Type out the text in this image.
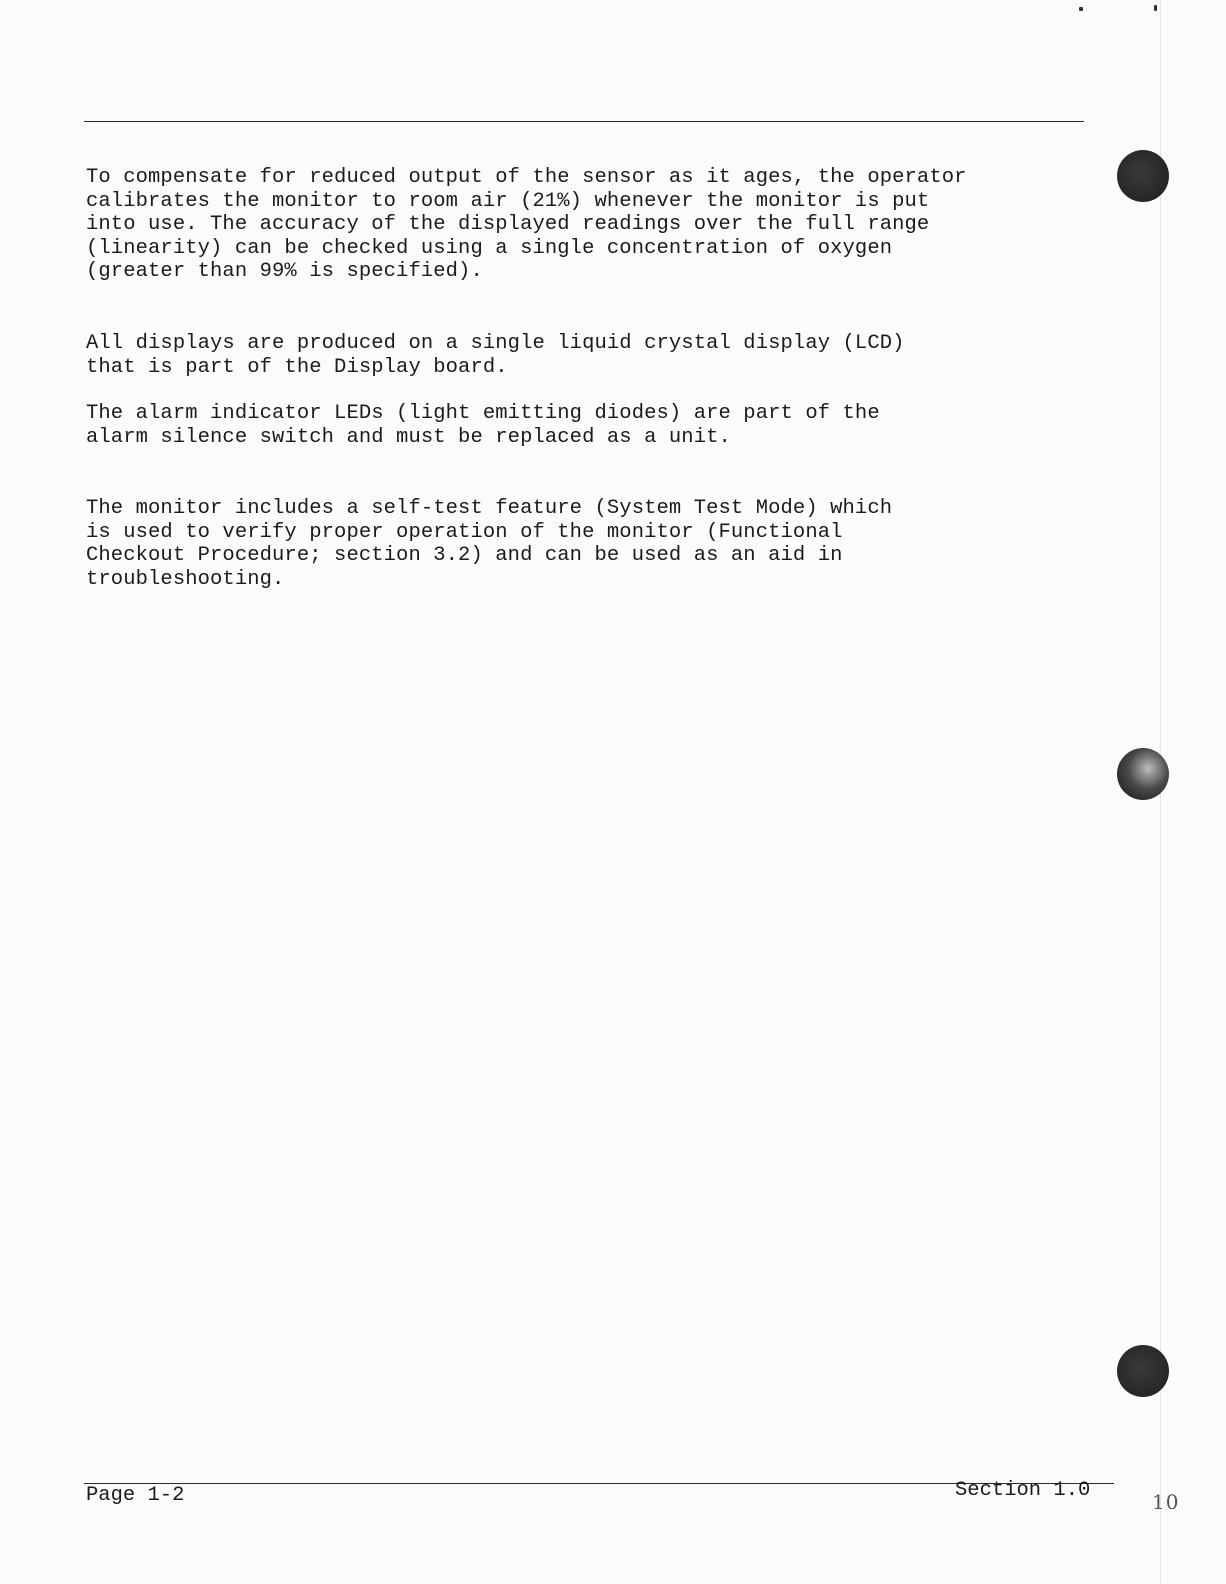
To compensate for reduced output of the sensor as it ages, the operator
calibrates the monitor to room air (21%) whenever the monitor is put
into use. The accuracy of the displayed readings over the full range
(linearity) can be checked using a single concentration of oxygen
(greater than 99% is specified).

All displays are produced on a single liquid crystal display (LCD)
that is part of the Display board.

The alarm indicator LEDs (light emitting diodes) are part of the
alarm silence switch and must be replaced as a unit.

The monitor includes a self-test feature (System Test Mode) which
is used to verify proper operation of the monitor (Functional
Checkout Procedure; section 3.2) and can be used as an aid in
troubleshooting.

Page 1-2	Section 1.0	10
